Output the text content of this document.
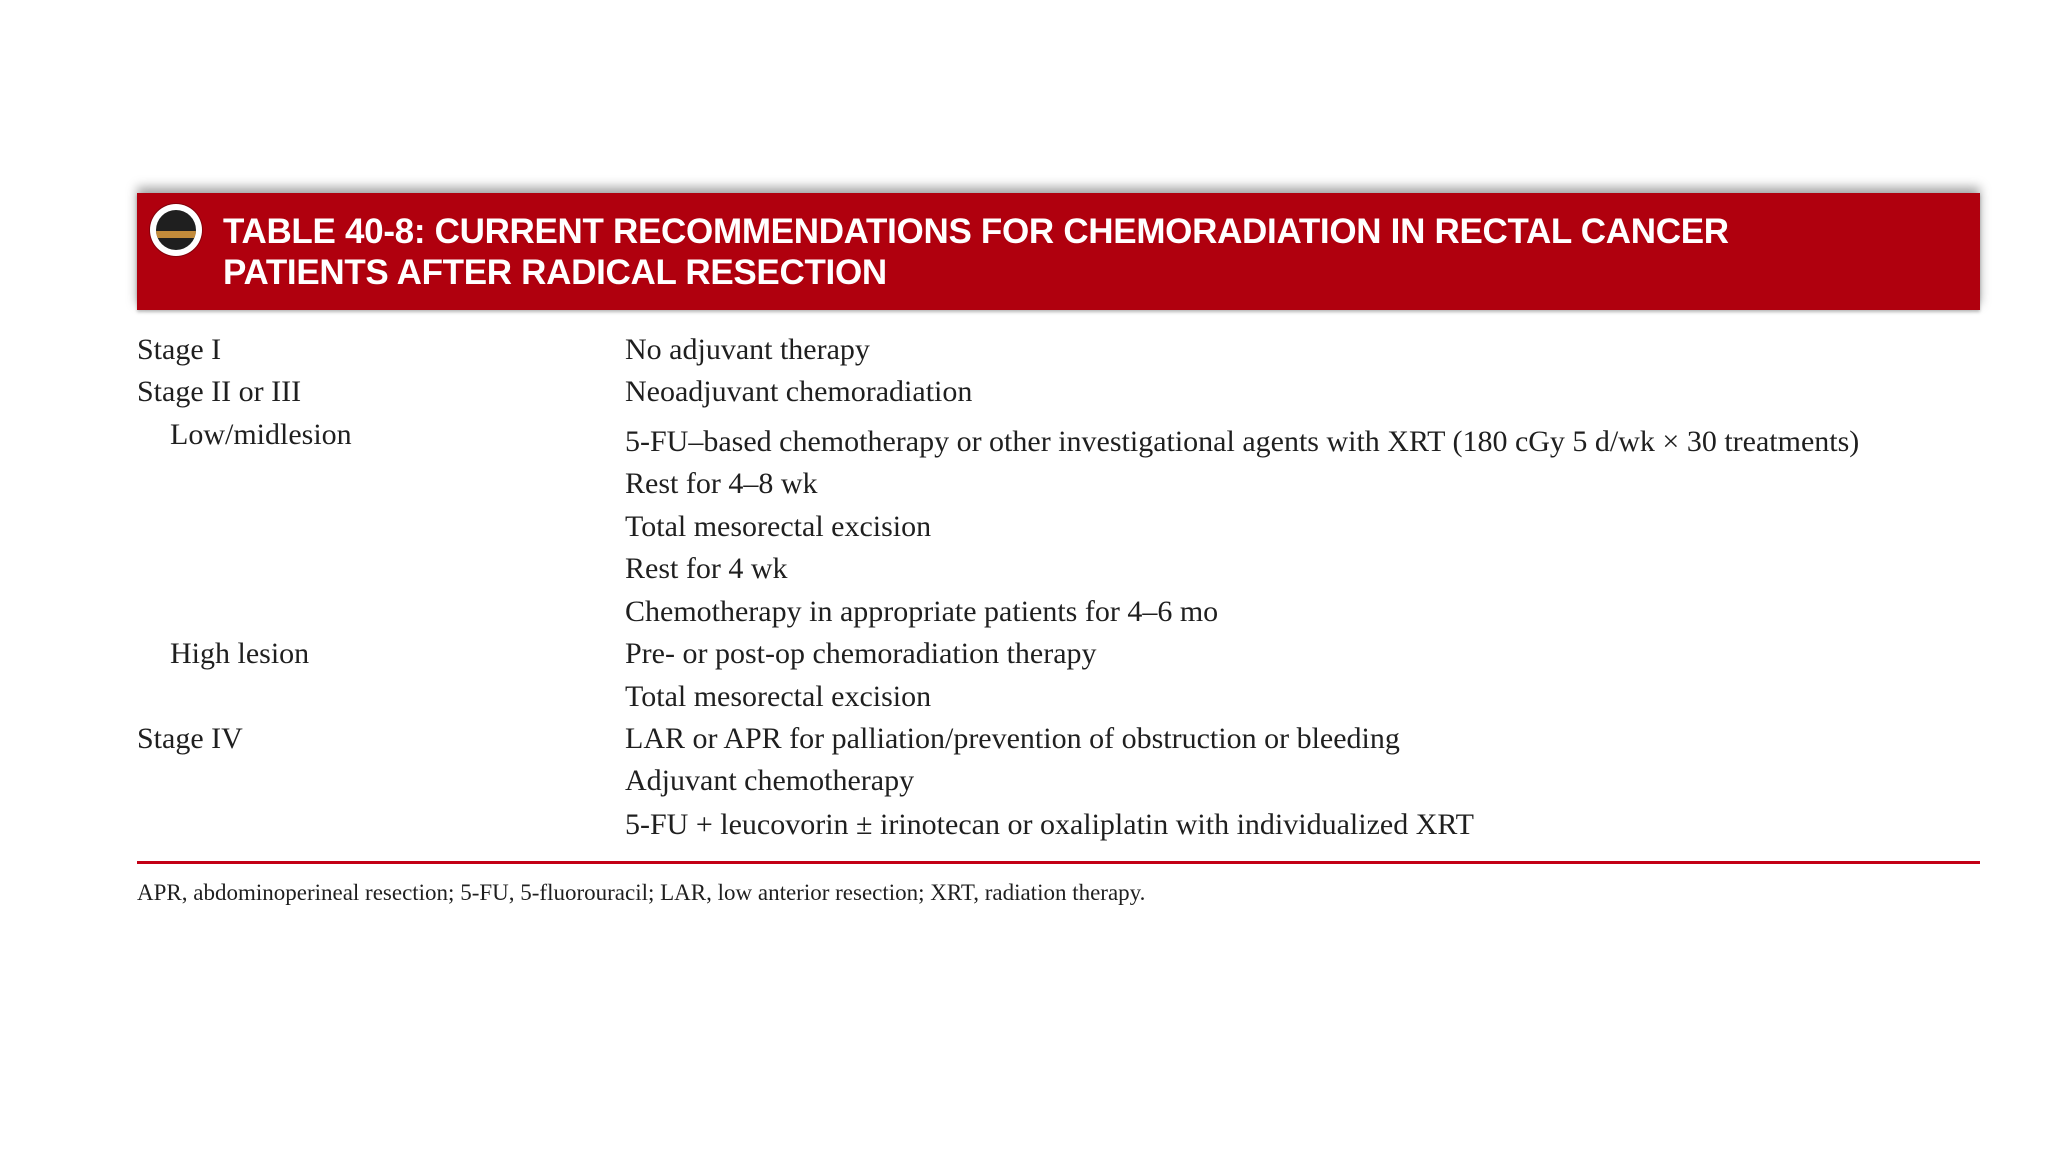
TABLE 40-8: CURRENT RECOMMENDATIONS FOR CHEMORADIATION IN RECTAL CANCER
PATIENTS AFTER RADICAL RESECTION
Stage I	No adjuvant therapy
Stage II or III	Neoadjuvant chemoradiation
Low/midlesion	5-FU–based chemotherapy or other investigational agents with XRT (180 cGy 5 d/wk × 30 treatments)
Rest for 4–8 wk
Total mesorectal excision
Rest for 4 wk
Chemotherapy in appropriate patients for 4–6 mo
High lesion	Pre- or post-op chemoradiation therapy
Total mesorectal excision
Stage IV	LAR or APR for palliation/prevention of obstruction or bleeding
Adjuvant chemotherapy
5-FU + leucovorin ± irinotecan or oxaliplatin with individualized XRT
APR, abdominoperineal resection; 5-FU, 5-fluorouracil; LAR, low anterior resection; XRT, radiation therapy.
